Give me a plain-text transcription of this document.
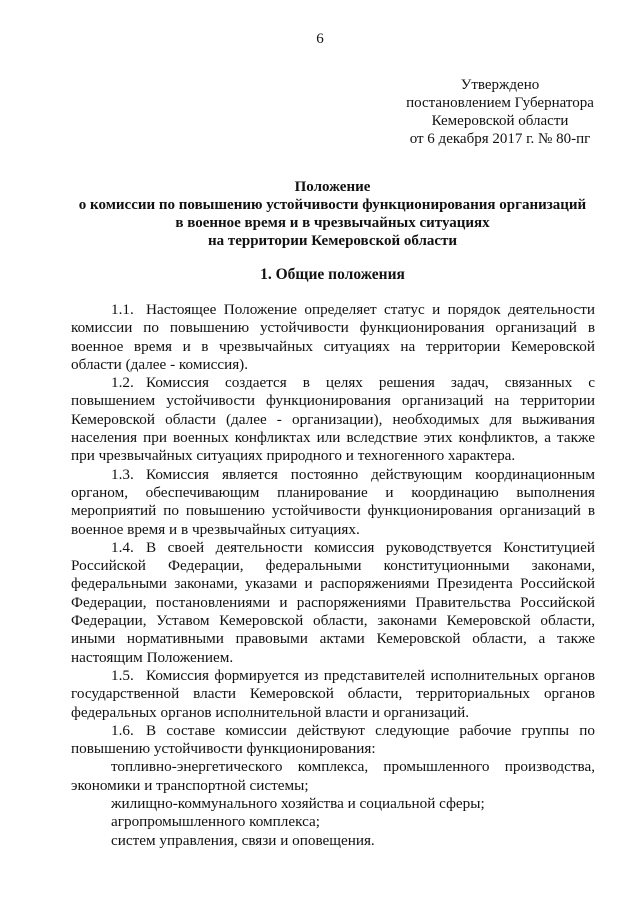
6
Утверждено
постановлением Губернатора
Кемеровской области
от 6 декабря 2017 г. № 80-пг
Положение
о комиссии по повышению устойчивости функционирования организаций
в военное время и в чрезвычайных ситуациях
на территории Кемеровской области
1. Общие положения

1.1. Настоящее Положение определяет статус и порядок деятельности комиссии по повышению устойчивости функционирования организаций в военное время и в чрезвычайных ситуациях на территории Кемеровской области (далее - комиссия).

1.2. Комиссия создается в целях решения задач, связанных с повышением устойчивости функционирования организаций на территории Кемеровской области (далее - организации), необходимых для выживания населения при военных конфликтах или вследствие этих конфликтов, а также при чрезвычайных ситуациях природного и техногенного характера.

1.3. Комиссия является постоянно действующим координационным органом, обеспечивающим планирование и координацию выполнения мероприятий по повышению устойчивости функционирования организаций в военное время и в чрезвычайных ситуациях.

1.4. В своей деятельности комиссия руководствуется Конституцией Российской Федерации, федеральными конституционными законами, федеральными законами, указами и распоряжениями Президента Российской Федерации, постановлениями и распоряжениями Правительства Российской Федерации, Уставом Кемеровской области, законами Кемеровской области, иными нормативными правовыми актами Кемеровской области, а также настоящим Положением.

1.5. Комиссия формируется из представителей исполнительных органов государственной власти Кемеровской области, территориальных органов федеральных органов исполнительной власти и организаций.

1.6. В составе комиссии действуют следующие рабочие группы по повышению устойчивости функционирования:

топливно-энергетического комплекса, промышленного производства, экономики и транспортной системы;

жилищно-коммунального хозяйства и социальной сферы;

агропромышленного комплекса;

систем управления, связи и оповещения.
